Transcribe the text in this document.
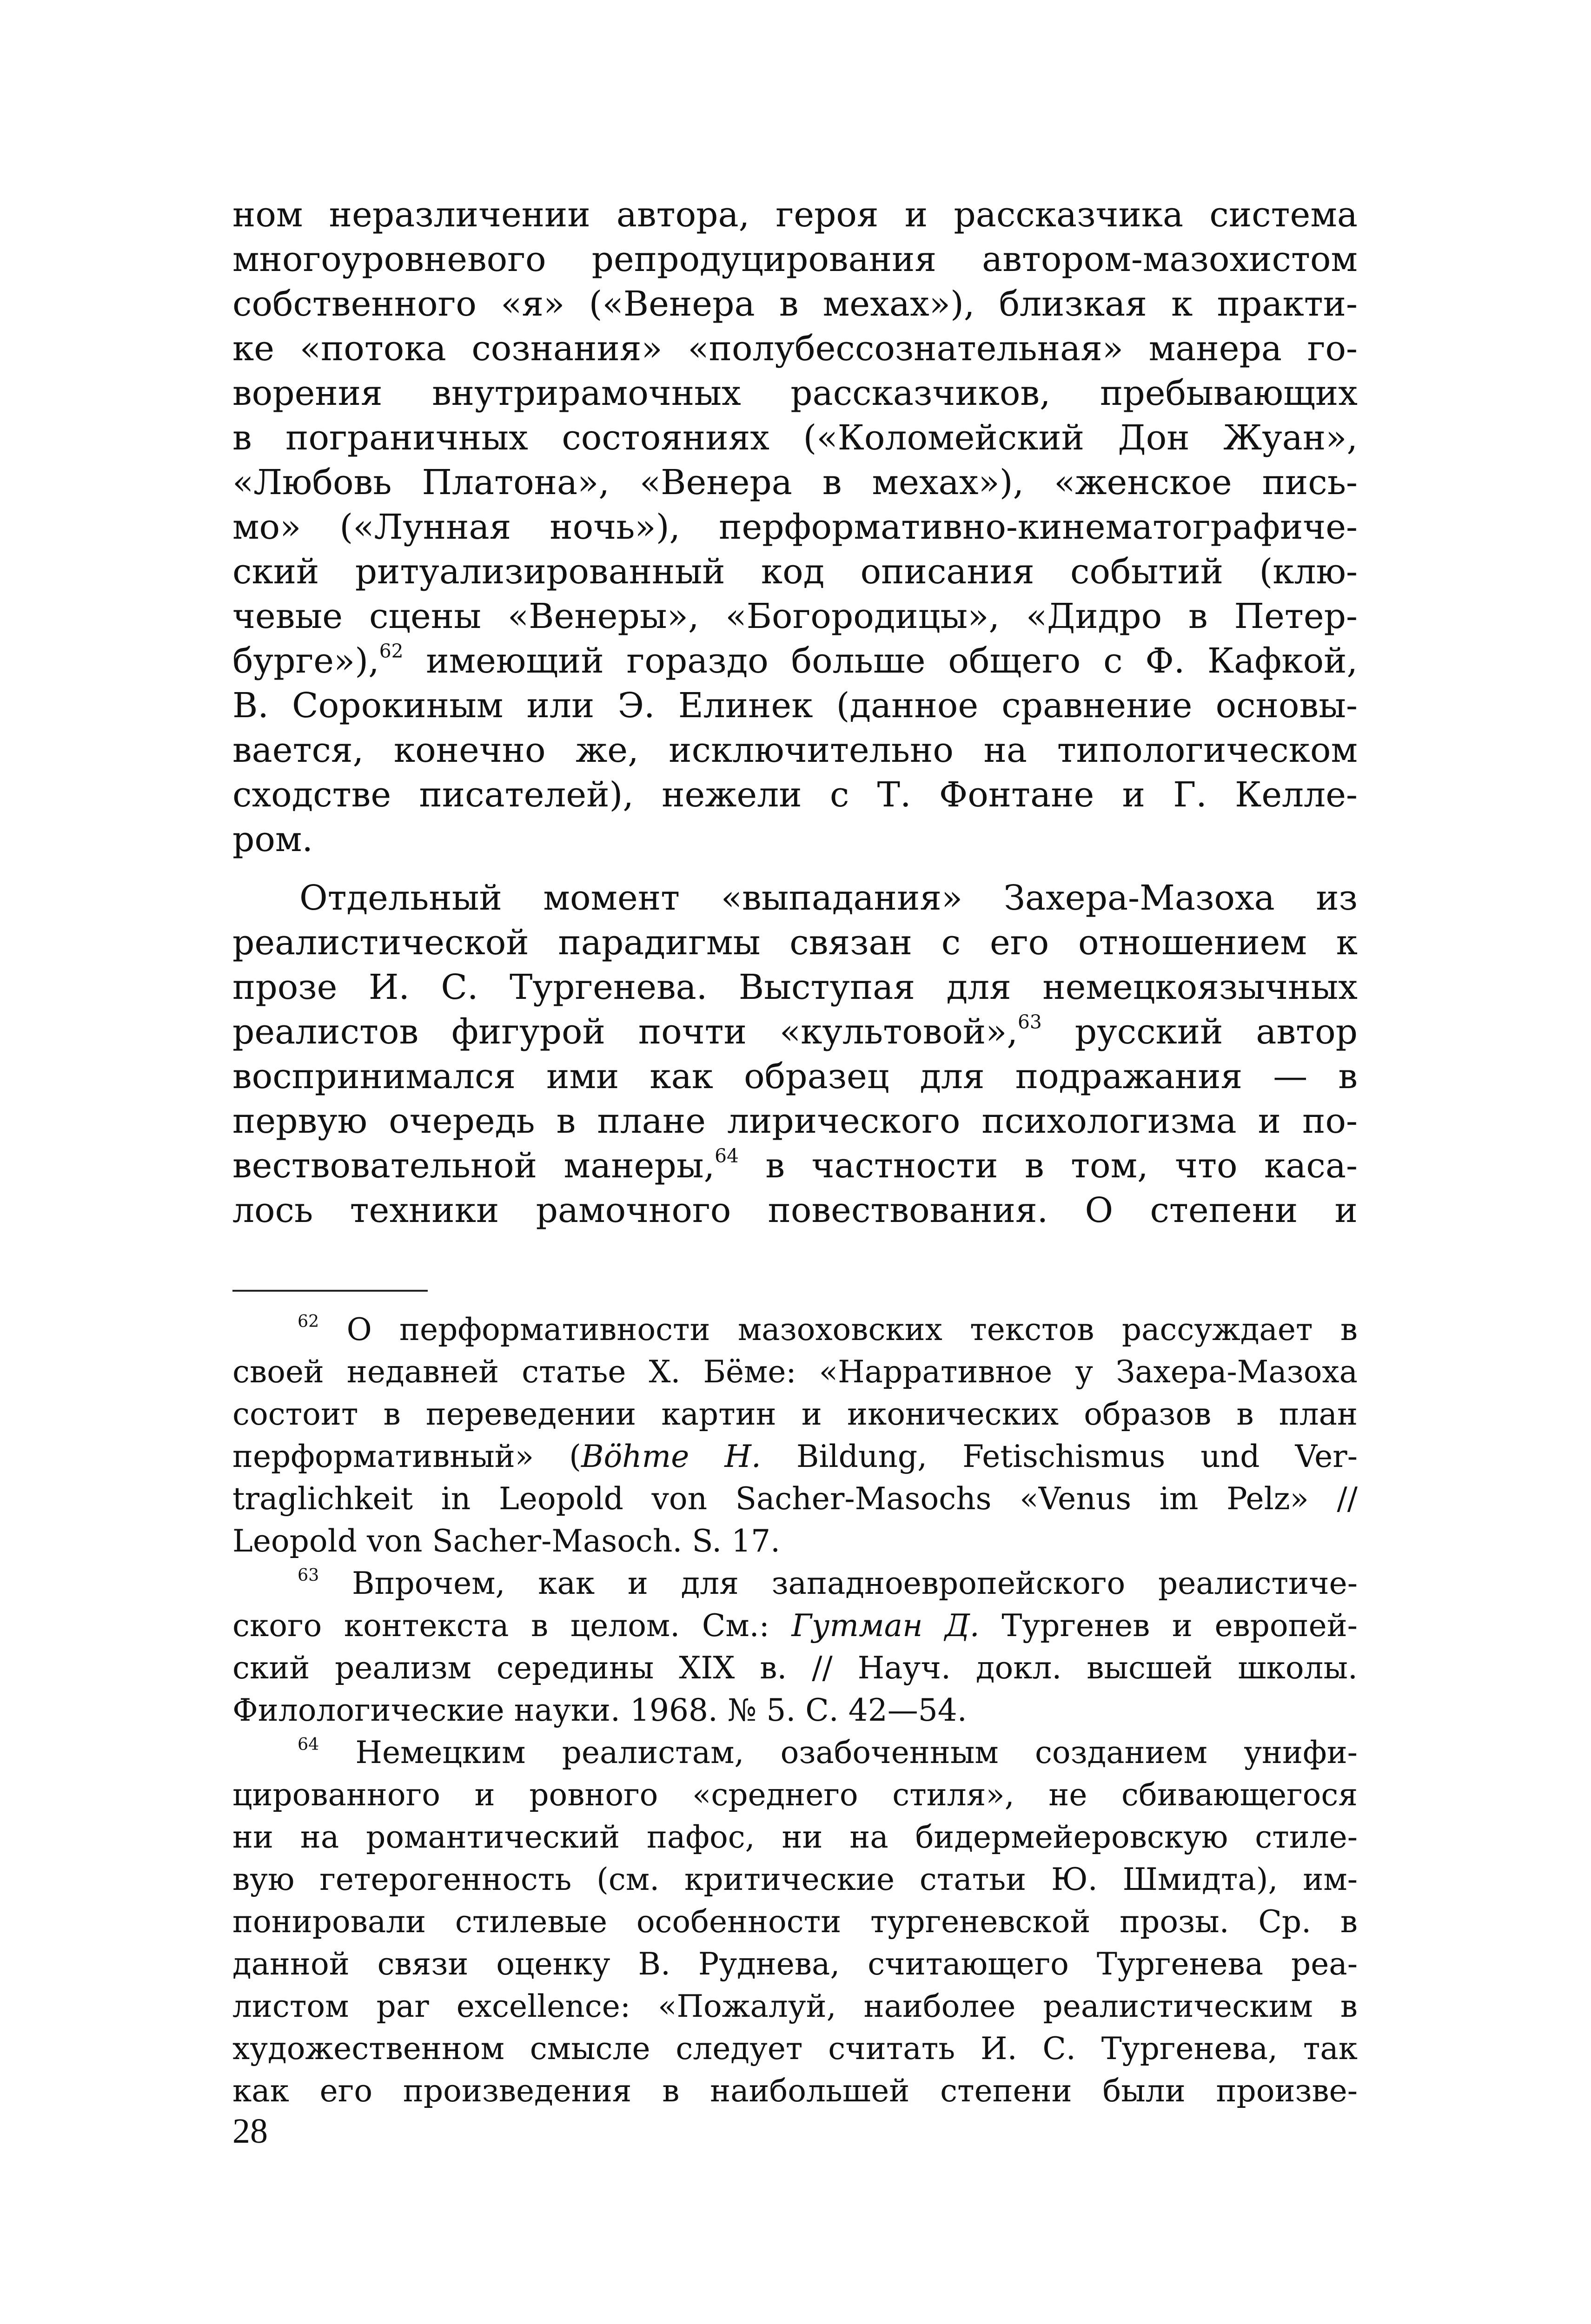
ном неразличении автора, героя и рассказчика система
многоуровневого репродуцирования автором-мазохистом
собственного «я» («Венера в мехах»), близкая к практи-
ке «потока сознания» «полубессознательная» манера го-
ворения внутрирамочных рассказчиков, пребывающих
в пограничных состояниях («Коломейский Дон Жуан»,
«Любовь Платона», «Венера в мехах»), «женское пись-
мо» («Лунная ночь»), перформативно-кинематографиче-
ский ритуализированный код описания событий (клю-
чевые сцены «Венеры», «Богородицы», «Дидро в Петер-
бурге»),$^{62}$ имеющий гораздо больше общего с Ф. Кафкой,
В. Сорокиным или Э. Елинек (данное сравнение основы-
вается, конечно же, исключительно на типологическом
сходстве писателей), нежели с Т. Фонтане и Г. Келле-
ром.
Отдельный момент «выпадания» Захера-Мазоха из
реалистической парадигмы связан с его отношением к
прозе И. С. Тургенева. Выступая для немецкоязычных
реалистов фигурой почти «культовой»,$^{63}$ русский автор
воспринимался ими как образец для подражания — в
первую очередь в плане лирического психологизма и по-
вествовательной манеры,$^{64}$ в частности в том, что каса-
лось техники рамочного повествования. О степени и
$^{62}$ О перформативности мазоховских текстов рассуждает в
своей недавней статье Х. Бёме: «Нарративное у Захера-Мазоха
состоит в переведении картин и иконических образов в план
перформативный» (Böhme H. Bildung, Fetischismus und Ver-
traglichkeit in Leopold von Sacher-Masochs «Venus im Pelz» //
Leopold von Sacher-Masoch. S. 17.
$^{63}$ Впрочем, как и для западноевропейского реалистиче-
ского контекста в целом. См.: Гутман Д. Тургенев и европей-
ский реализм середины XIX в. // Науч. докл. высшей школы.
Филологические науки. 1968. № 5. С. 42—54.
$^{64}$ Немецким реалистам, озабоченным созданием унифи-
цированного и ровного «среднего стиля», не сбивающегося
ни на романтический пафос, ни на бидермейеровскую стиле-
вую гетерогенность (см. критические статьи Ю. Шмидта), им-
понировали стилевые особенности тургеневской прозы. Ср. в
данной связи оценку В. Руднева, считающего Тургенева реа-
листом par excellence: «Пожалуй, наиболее реалистическим в
художественном смысле следует считать И. С. Тургенева, так
как его произведения в наибольшей степени были произве-
28
